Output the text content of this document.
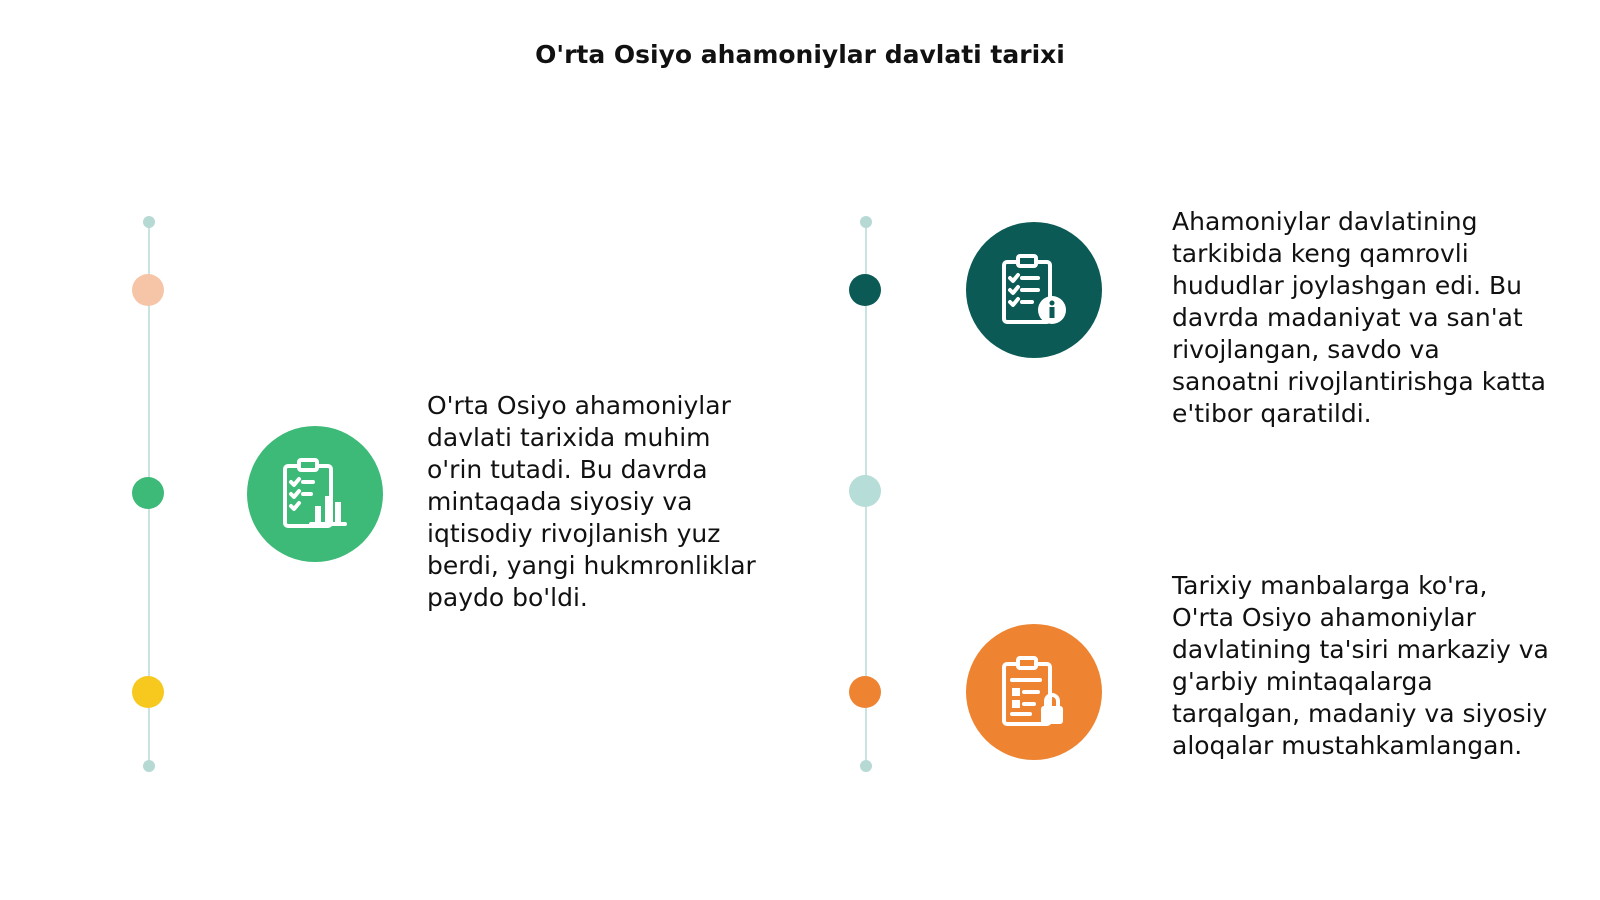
O'rta Osiyo ahamoniylar davlati tarixi
O'rta Osiyo ahamoniylar davlati tarixida muhim o'rin tutadi. Bu davrda mintaqada siyosiy va iqtisodiy rivojlanish yuz berdi, yangi hukmronliklar paydo bo'ldi.
Ahamoniylar davlatining tarkibida keng qamrovli hududlar joylashgan edi. Bu davrda madaniyat va san'at rivojlangan, savdo va sanoatni rivojlantirishga katta e'tibor qaratildi.
Tarixiy manbalarga ko'ra, O'rta Osiyo ahamoniylar davlatining ta'siri markaziy va g'arbiy mintaqalarga tarqalgan, madaniy va siyosiy aloqalar mustahkamlangan.
